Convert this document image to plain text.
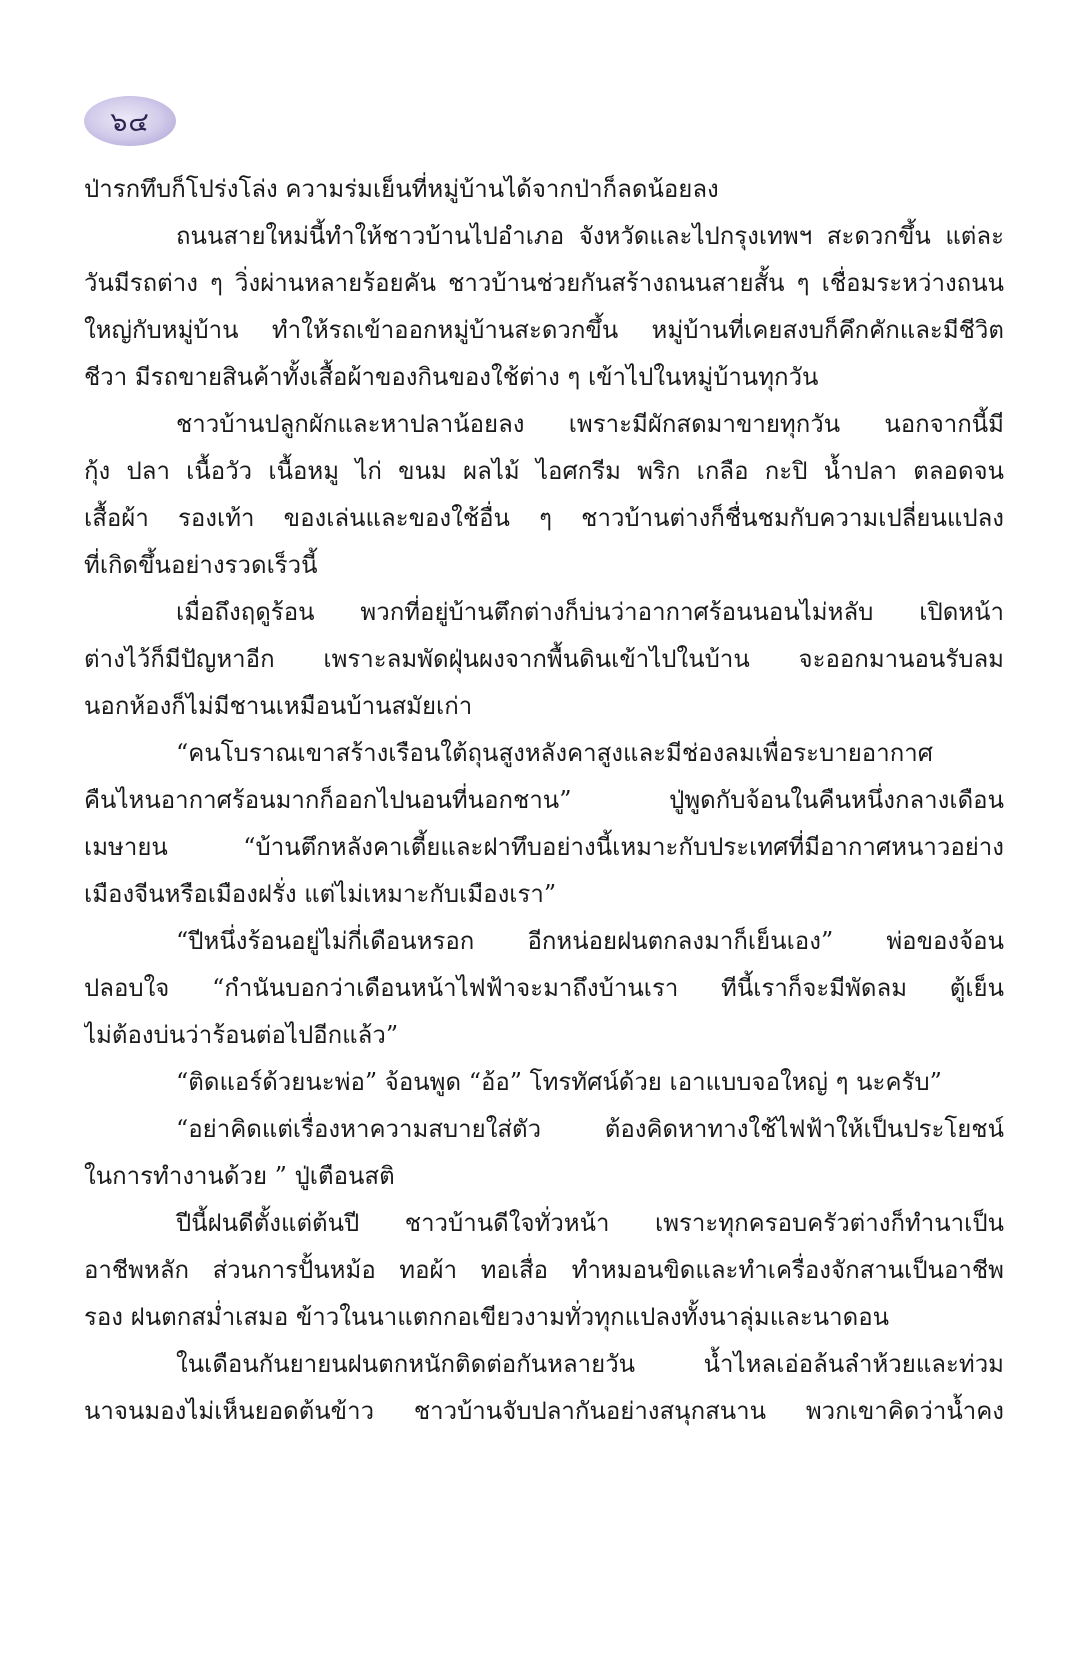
๖๔
ป่ารกทึบก็โปร่งโล่ง ความร่มเย็นที่หมู่บ้านได้จากป่าก็ลดน้อยลง
ถนนสายใหม่นี้ทำให้ชาวบ้านไปอำเภอ จังหวัดและไปกรุงเทพฯ สะดวกขึ้น แต่ละ
วันมีรถต่าง ๆ วิ่งผ่านหลายร้อยคัน ชาวบ้านช่วยกันสร้างถนนสายสั้น ๆ เชื่อมระหว่างถนน
ใหญ่กับหมู่บ้าน ทำให้รถเข้าออกหมู่บ้านสะดวกขึ้น หมู่บ้านที่เคยสงบก็คึกคักและมีชีวิต
ชีวา มีรถขายสินค้าทั้งเสื้อผ้าของกินของใช้ต่าง ๆ เข้าไปในหมู่บ้านทุกวัน
ชาวบ้านปลูกผักและหาปลาน้อยลง เพราะมีผักสดมาขายทุกวัน นอกจากนี้มี
กุ้ง ปลา เนื้อวัว เนื้อหมู ไก่ ขนม ผลไม้ ไอศกรีม พริก เกลือ กะปิ น้ำปลา ตลอดจน
เสื้อผ้า รองเท้า ของเล่นและของใช้อื่น ๆ ชาวบ้านต่างก็ชื่นชมกับความเปลี่ยนแปลง
ที่เกิดขึ้นอย่างรวดเร็วนี้
เมื่อถึงฤดูร้อน พวกที่อยู่บ้านตึกต่างก็บ่นว่าอากาศร้อนนอนไม่หลับ เปิดหน้า
ต่างไว้ก็มีปัญหาอีก เพราะลมพัดฝุ่นผงจากพื้นดินเข้าไปในบ้าน จะออกมานอนรับลม
นอกห้องก็ไม่มีชานเหมือนบ้านสมัยเก่า
“คนโบราณเขาสร้างเรือนใต้ถุนสูงหลังคาสูงและมีช่องลมเพื่อระบายอากาศ
คืนไหนอากาศร้อนมากก็ออกไปนอนที่นอกชาน” ปู่พูดกับจ้อนในคืนหนึ่งกลางเดือน
เมษายน “บ้านตึกหลังคาเตี้ยและฝาทึบอย่างนี้เหมาะกับประเทศที่มีอากาศหนาวอย่าง
เมืองจีนหรือเมืองฝรั่ง แต่ไม่เหมาะกับเมืองเรา”
“ปีหนึ่งร้อนอยู่ไม่กี่เดือนหรอก อีกหน่อยฝนตกลงมาก็เย็นเอง” พ่อของจ้อน
ปลอบใจ “กำนันบอกว่าเดือนหน้าไฟฟ้าจะมาถึงบ้านเรา ทีนี้เราก็จะมีพัดลม ตู้เย็น
ไม่ต้องบ่นว่าร้อนต่อไปอีกแล้ว”
“ติดแอร์ด้วยนะพ่อ” จ้อนพูด “อ้อ” โทรทัศน์ด้วย เอาแบบจอใหญ่ ๆ นะครับ”
“อย่าคิดแต่เรื่องหาความสบายใส่ตัว ต้องคิดหาทางใช้ไฟฟ้าให้เป็นประโยชน์
ในการทำงานด้วย ” ปู่เตือนสติ
ปีนี้ฝนดีตั้งแต่ต้นปี ชาวบ้านดีใจทั่วหน้า เพราะทุกครอบครัวต่างก็ทำนาเป็น
อาชีพหลัก ส่วนการปั้นหม้อ ทอผ้า ทอเสื่อ ทำหมอนขิดและทำเครื่องจักสานเป็นอาชีพ
รอง ฝนตกสม่ำเสมอ ข้าวในนาแตกกอเขียวงามทั่วทุกแปลงทั้งนาลุ่มและนาดอน
ในเดือนกันยายนฝนตกหนักติดต่อกันหลายวัน น้ำไหลเอ่อล้นลำห้วยและท่วม
นาจนมองไม่เห็นยอดต้นข้าว ชาวบ้านจับปลากันอย่างสนุกสนาน พวกเขาคิดว่าน้ำคง
